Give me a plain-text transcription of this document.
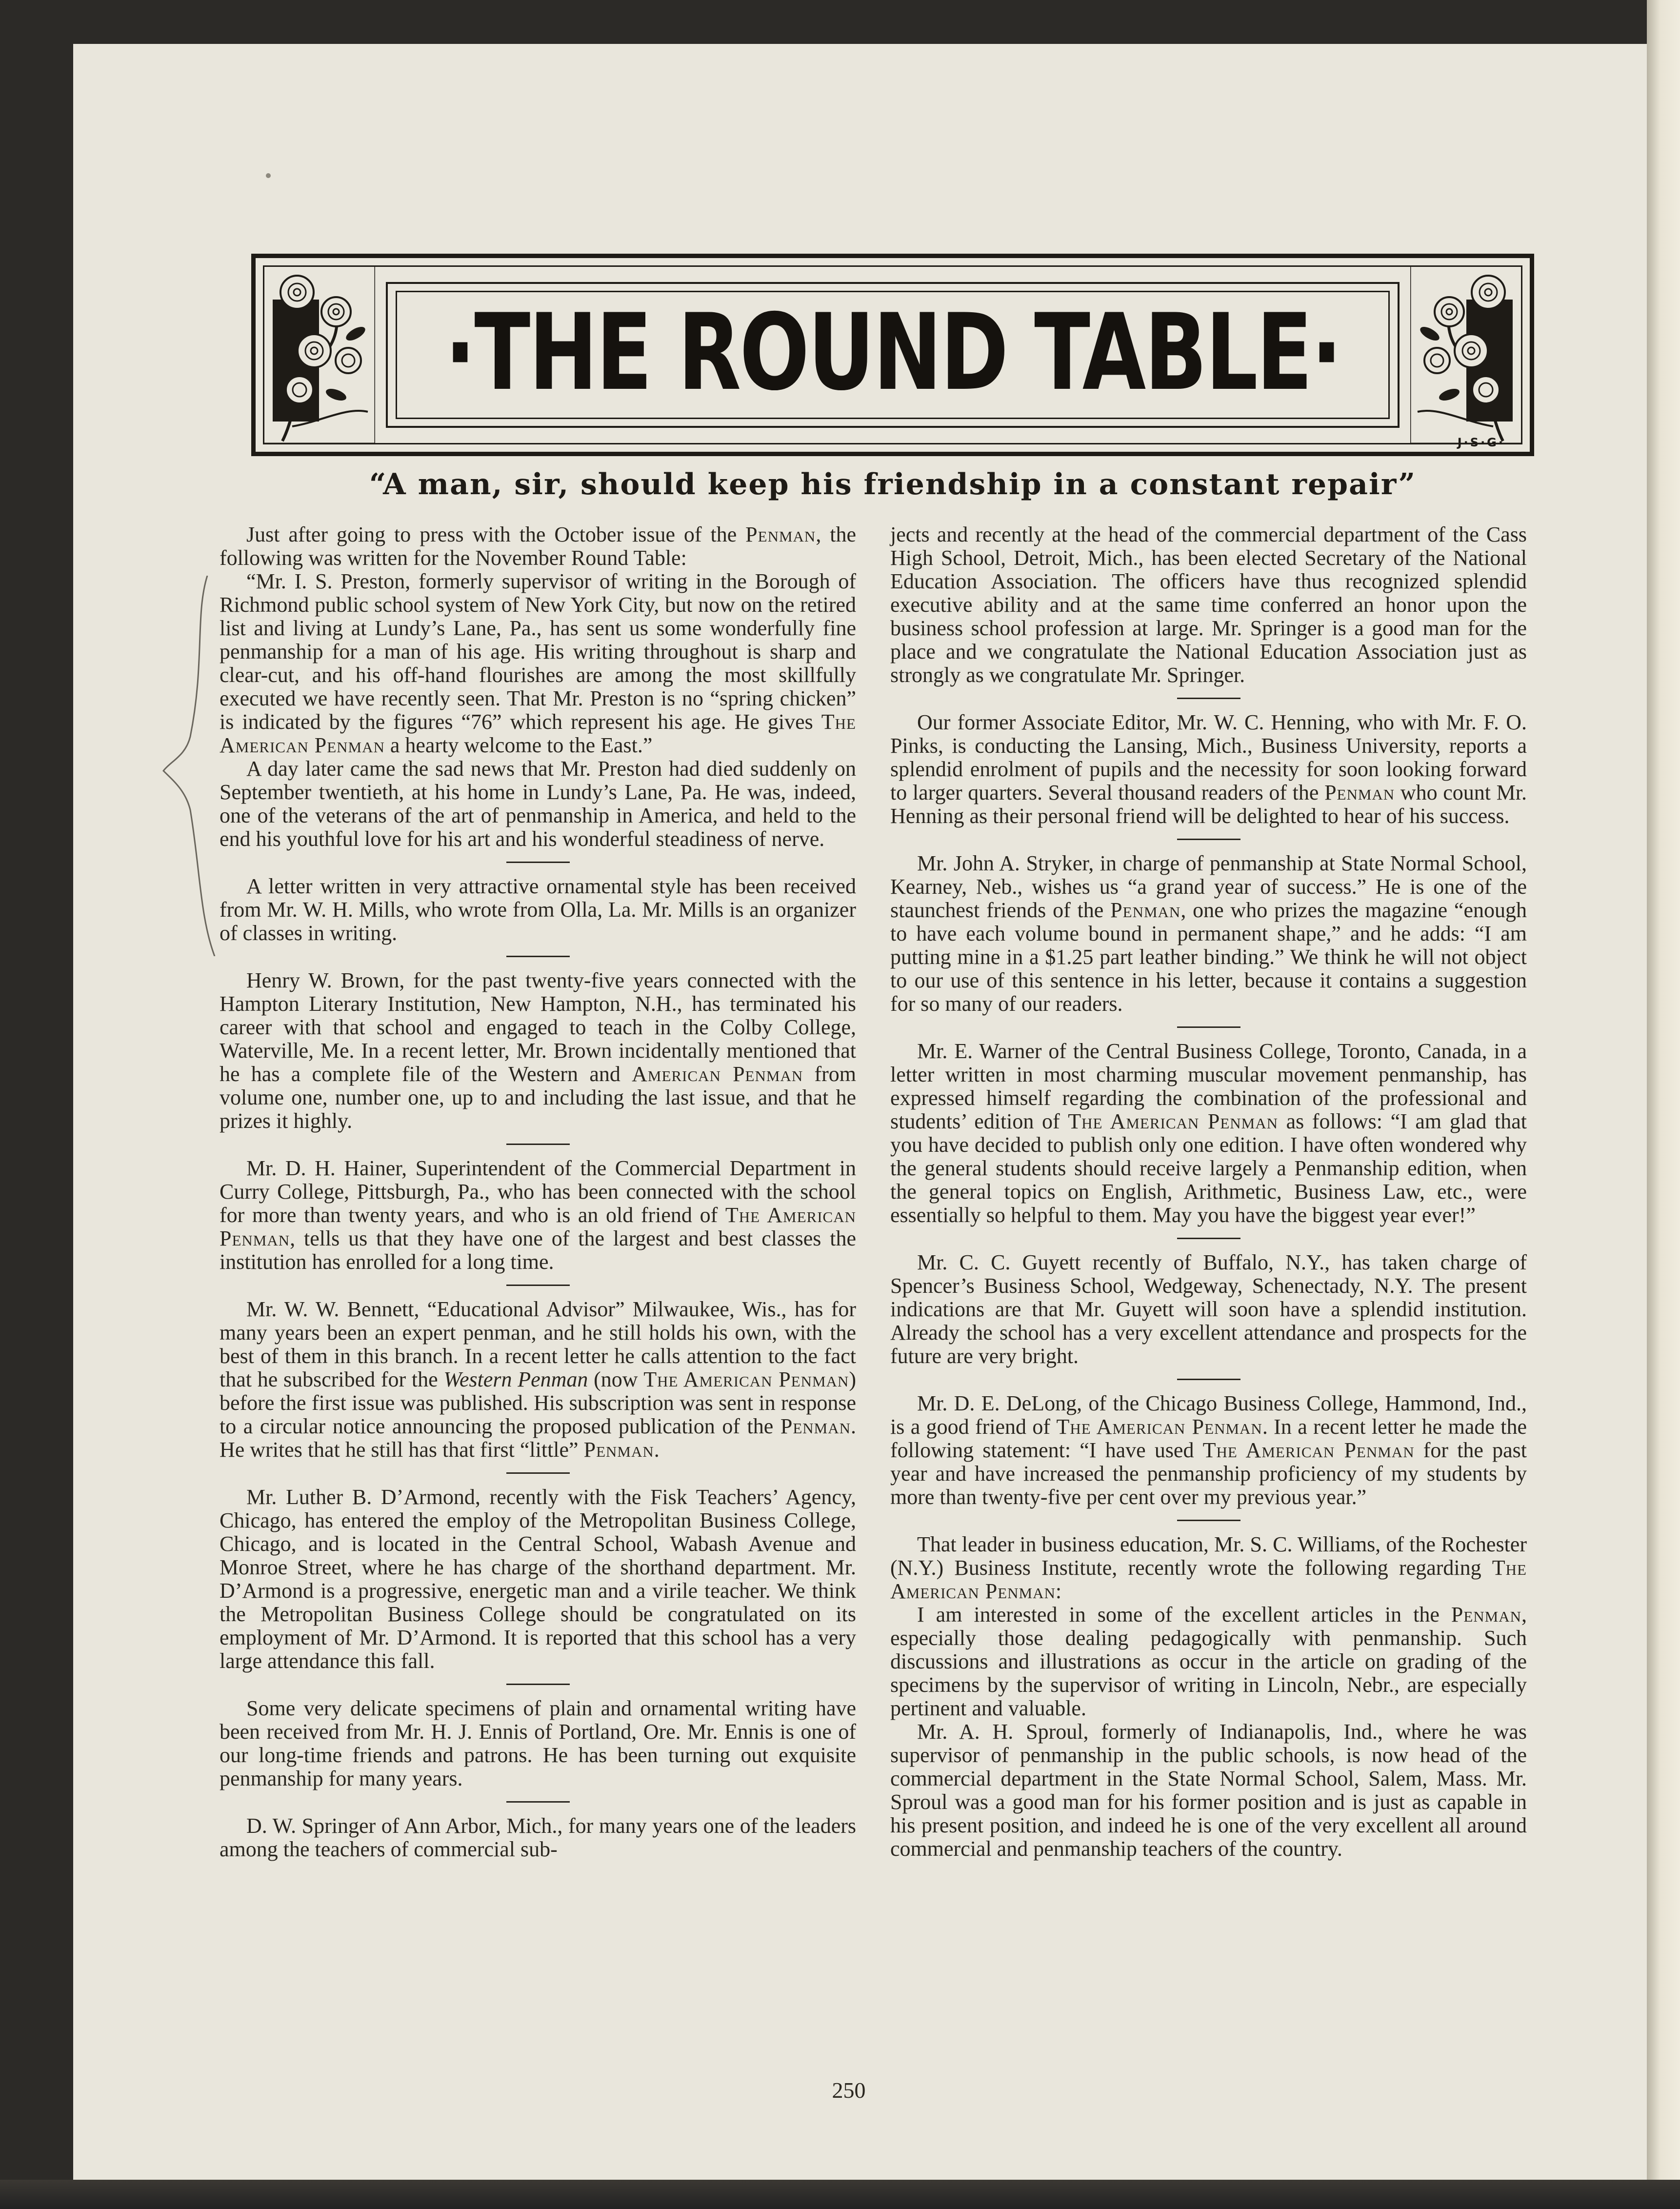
·THE ROUND TABLE·
J·S·G·
“A man, sir, should keep his friendship in a constant repair”

Just after going to press with the October issue of the Penman, the following was written for the November Round Table:

“Mr. I. S. Preston, formerly supervisor of writing in the Borough of Richmond public school system of New York City, but now on the retired list and living at Lundy’s Lane, Pa., has sent us some wonderfully fine penmanship for a man of his age. His writing throughout is sharp and clear-cut, and his off-hand flourishes are among the most skillfully executed we have recently seen. That Mr. Preston is no “spring chicken” is indicated by the figures “76” which represent his age. He gives The American Penman a hearty welcome to the East.”

A day later came the sad news that Mr. Preston had died suddenly on September twentieth, at his home in Lundy’s Lane, Pa. He was, indeed, one of the veterans of the art of penmanship in America, and held to the end his youthful love for his art and his wonderful steadiness of nerve.

A letter written in very attractive ornamental style has been received from Mr. W. H. Mills, who wrote from Olla, La. Mr. Mills is an organizer of classes in writing.

Henry W. Brown, for the past twenty-five years connected with the Hampton Literary Institution, New Hampton, N.H., has terminated his career with that school and engaged to teach in the Colby College, Waterville, Me. In a recent letter, Mr. Brown incidentally mentioned that he has a complete file of the Western and American Penman from volume one, number one, up to and including the last issue, and that he prizes it highly.

Mr. D. H. Hainer, Superintendent of the Commercial Department in Curry College, Pittsburgh, Pa., who has been connected with the school for more than twenty years, and who is an old friend of The American Penman, tells us that they have one of the largest and best classes the institution has enrolled for a long time.

Mr. W. W. Bennett, “Educational Advisor” Milwaukee, Wis., has for many years been an expert penman, and he still holds his own, with the best of them in this branch. In a recent letter he calls attention to the fact that he subscribed for the Western Penman (now The American Penman) before the first issue was published. His subscription was sent in response to a circular notice announcing the proposed publication of the Penman. He writes that he still has that first “little” Penman.

Mr. Luther B. D’Armond, recently with the Fisk Teachers’ Agency, Chicago, has entered the employ of the Metropolitan Business College, Chicago, and is located in the Central School, Wabash Avenue and Monroe Street, where he has charge of the shorthand department. Mr. D’Armond is a progressive, energetic man and a virile teacher. We think the Metropolitan Business College should be congratulated on its employment of Mr. D’Armond. It is reported that this school has a very large attendance this fall.

Some very delicate specimens of plain and ornamental writing have been received from Mr. H. J. Ennis of Portland, Ore. Mr. Ennis is one of our long-time friends and patrons. He has been turning out exquisite penmanship for many years.

D. W. Springer of Ann Arbor, Mich., for many years one of the leaders among the teachers of commercial sub-

jects and recently at the head of the commercial department of the Cass High School, Detroit, Mich., has been elected Secretary of the National Education Association. The officers have thus recognized splendid executive ability and at the same time conferred an honor upon the business school profession at large. Mr. Springer is a good man for the place and we congratulate the National Education Association just as strongly as we congratulate Mr. Springer.

Our former Associate Editor, Mr. W. C. Henning, who with Mr. F. O. Pinks, is conducting the Lansing, Mich., Business University, reports a splendid enrolment of pupils and the necessity for soon looking forward to larger quarters. Several thousand readers of the Penman who count Mr. Henning as their personal friend will be delighted to hear of his success.

Mr. John A. Stryker, in charge of penmanship at State Normal School, Kearney, Neb., wishes us “a grand year of success.” He is one of the staunchest friends of the Penman, one who prizes the magazine “enough to have each volume bound in permanent shape,” and he adds: “I am putting mine in a $1.25 part leather binding.” We think he will not object to our use of this sentence in his letter, because it contains a suggestion for so many of our readers.

Mr. E. Warner of the Central Business College, Toronto, Canada, in a letter written in most charming muscular movement penmanship, has expressed himself regarding the combination of the professional and students’ edition of The American Penman as follows: “I am glad that you have decided to publish only one edition. I have often wondered why the general students should receive largely a Penmanship edition, when the general topics on English, Arithmetic, Business Law, etc., were essentially so helpful to them. May you have the biggest year ever!”

Mr. C. C. Guyett recently of Buffalo, N.Y., has taken charge of Spencer’s Business School, Wedgeway, Schenectady, N.Y. The present indications are that Mr. Guyett will soon have a splendid institution. Already the school has a very excellent attendance and prospects for the future are very bright.

Mr. D. E. DeLong, of the Chicago Business College, Hammond, Ind., is a good friend of The American Penman. In a recent letter he made the following statement: “I have used The American Penman for the past year and have increased the penmanship proficiency of my students by more than twenty-five per cent over my previous year.”

That leader in business education, Mr. S. C. Williams, of the Rochester (N.Y.) Business Institute, recently wrote the following regarding The American Penman:

I am interested in some of the excellent articles in the Penman, especially those dealing pedagogically with penmanship. Such discussions and illustrations as occur in the article on grading of the specimens by the supervisor of writing in Lincoln, Nebr., are especially pertinent and valuable.

Mr. A. H. Sproul, formerly of Indianapolis, Ind., where he was supervisor of penmanship in the public schools, is now head of the commercial department in the State Normal School, Salem, Mass. Mr. Sproul was a good man for his former position and is just as capable in his present position, and indeed he is one of the very excellent all around commercial and penmanship teachers of the country.

250
